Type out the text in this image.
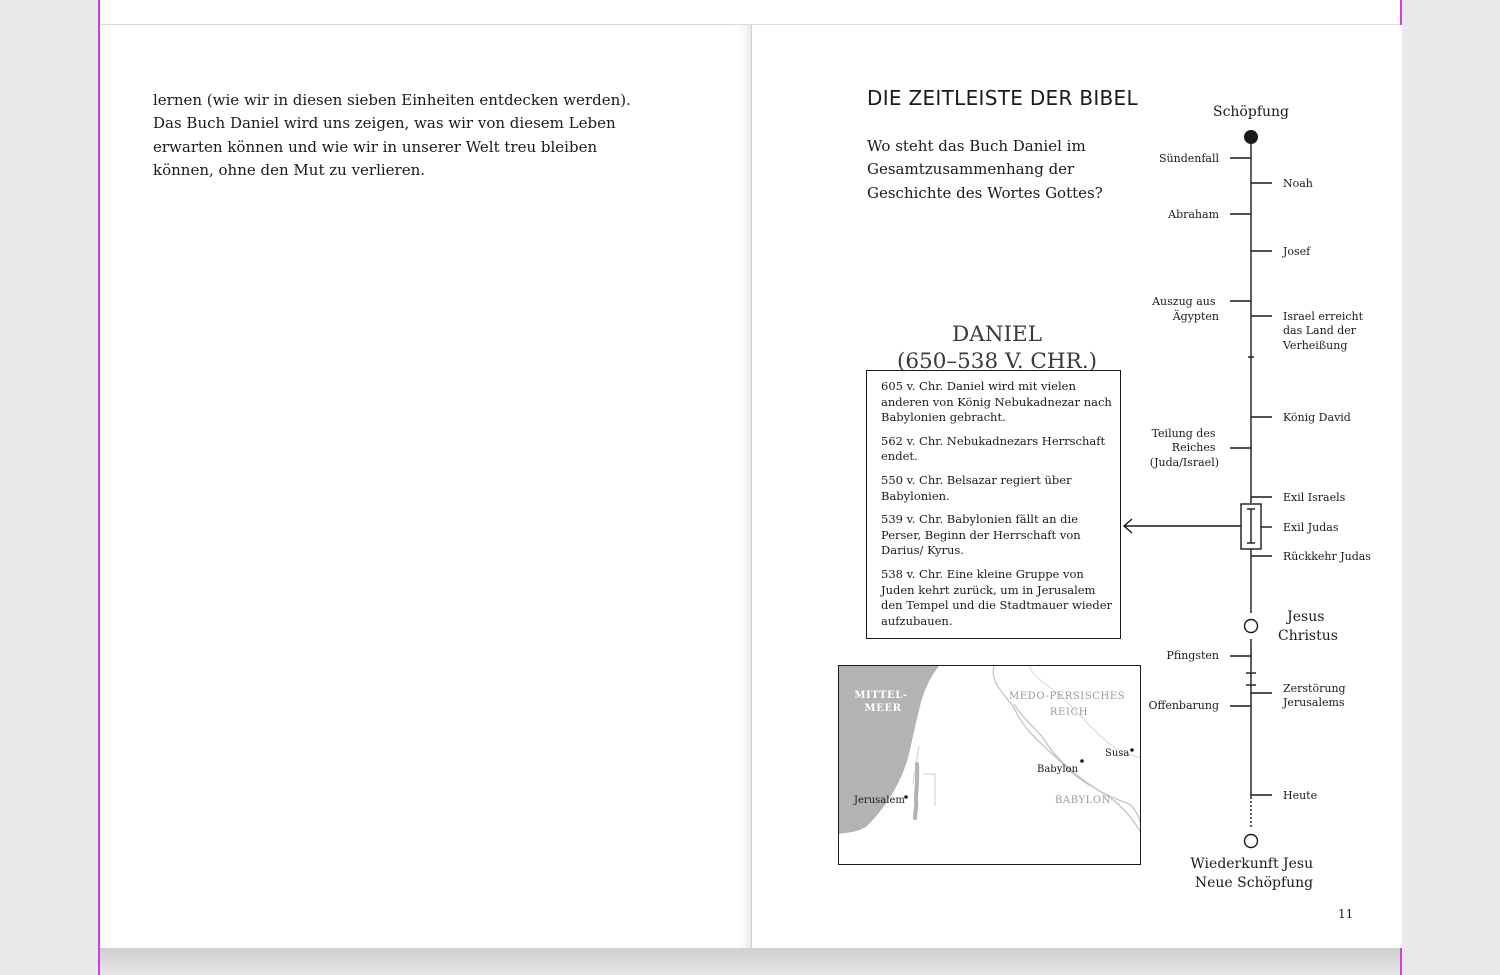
lernen (wie wir in diesen sieben Einheiten entdecken werden). Das Buch Daniel wird uns zeigen, was wir von diesem Leben erwarten können und wie wir in unserer Welt treu bleiben können, ohne den Mut zu verlieren.

DIE ZEITLEISTE DER BIBEL

Wo steht das Buch Daniel im Gesamtzusammenhang der Geschichte des Wortes Gottes?

DANIEL
(650–538 V. CHR.)

605 v. Chr. Daniel wird mit vielen anderen von König Nebukadnezar nach Babylonien gebracht.

562 v. Chr. Nebukadnezars Herrschaft endet.

550 v. Chr. Belsazar regiert über Babylonien.

539 v. Chr. Babylonien fällt an die Perser, Beginn der Herrschaft von Darius/ Kyrus.

538 v. Chr. Eine kleine Gruppe von Juden kehrt zurück, um in Jerusalem den Tempel und die Stadtmauer wieder aufzubauen.

MITTEL- MEER
MEDO-PERSISCHES REICH
BABYLON
Susa Babylon Jerusalem
Schöpfung
Sündenfall
Abraham
Auszug aus Ägypten
Teilung des Reiches (Juda/Israel)
Pfingsten
Offenbarung
Noah
Josef
Israel erreicht das Land der Verheißung
König David
Exil Israels
Exil Judas
Rückkehr Judas
Zerstörung Jerusalems
Heute
Jesus Christus
Wiederkunft Jesu Neue Schöpfung
11
